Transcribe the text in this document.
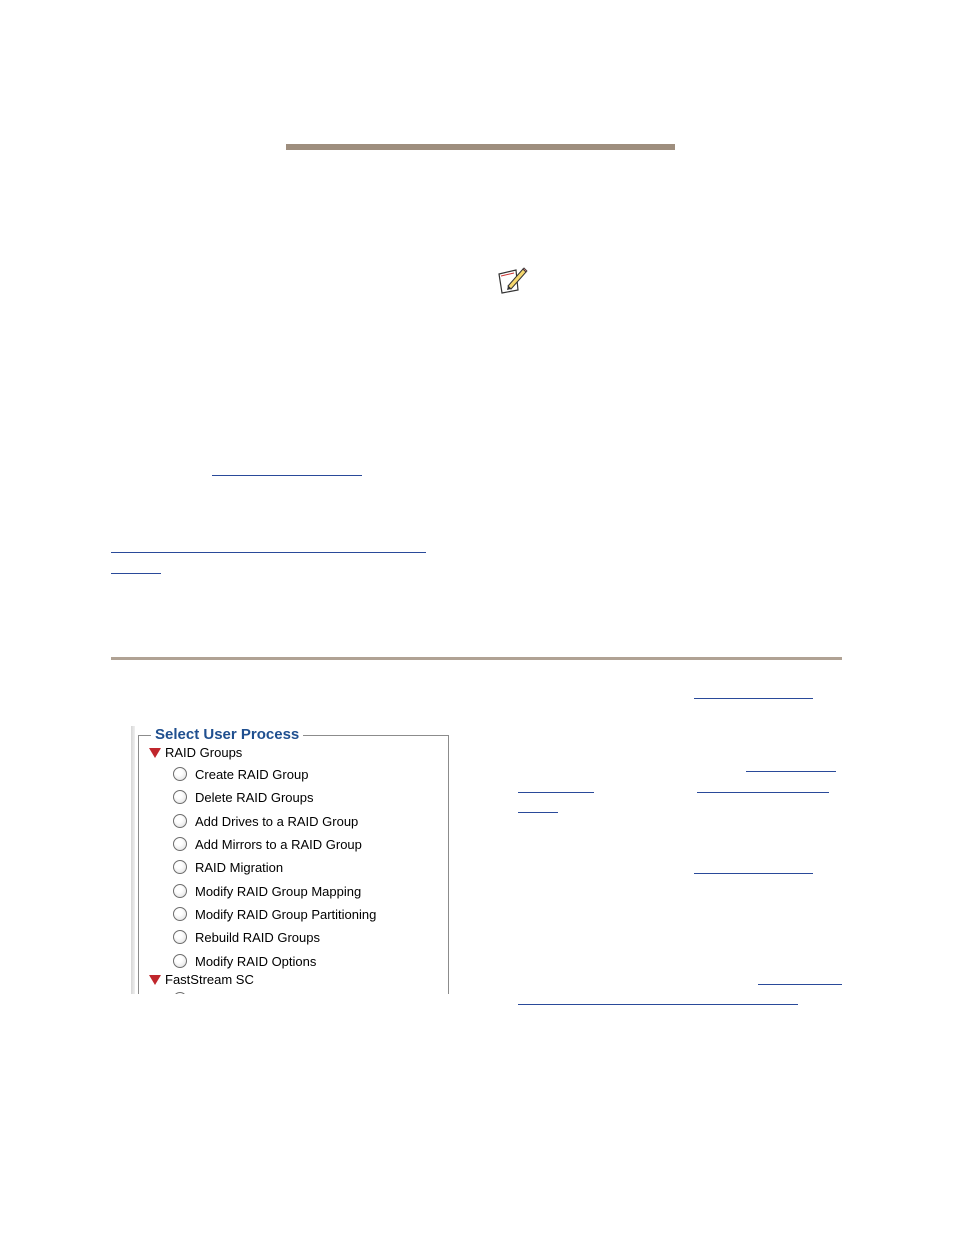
Select User Process
RAID Groups
Create RAID Group
Delete RAID Groups
Add Drives to a RAID Group
Add Mirrors to a RAID Group
RAID Migration
Modify RAID Group Mapping
Modify RAID Group Partitioning
Rebuild RAID Groups
Modify RAID Options
FastStream SC
